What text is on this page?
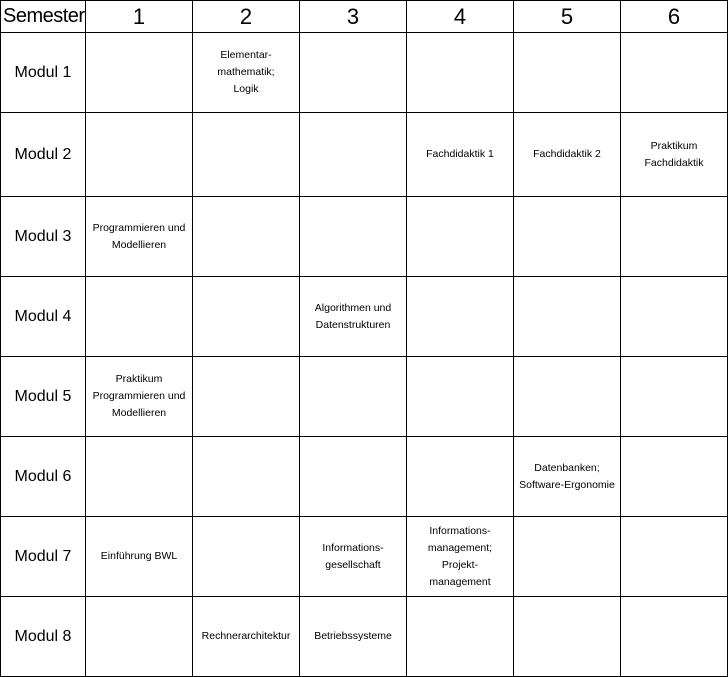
Semester	1	2	3	4	5	6
Modul 1		Elementar-
mathematik;
Logik				
Modul 2				Fachdidaktik 1	Fachdidaktik 2	Praktikum
Fachdidaktik
Modul 3	Programmieren und
Modellieren					
Modul 4			Algorithmen und
Datenstrukturen			
Modul 5	Praktikum
Programmieren und
Modellieren					
Modul 6					Datenbanken;
Software-Ergonomie	
Modul 7	Einführung BWL		Informations-
gesellschaft	Informations-
management; Projekt-
management		
Modul 8		Rechnerarchitektur	Betriebssysteme			
